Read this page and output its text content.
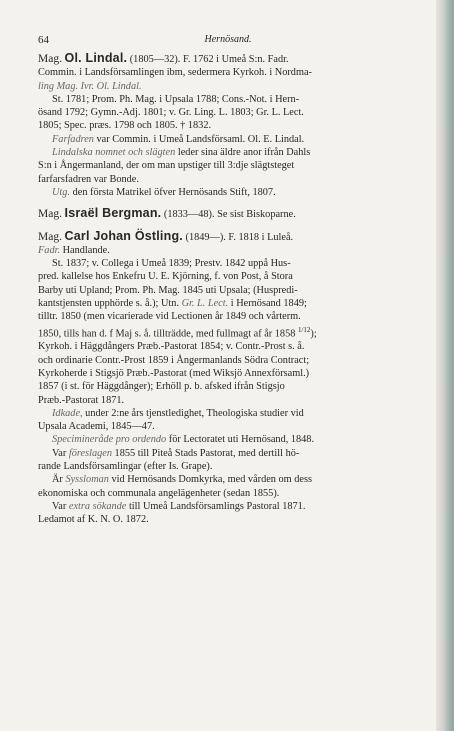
64	Hernösand.

Mag. Ol. Lindal. (1805—32). F. 1762 i Umeå S:n. Fadr.

Commin. i Landsförsamlingen ibm, sedermera Kyrkoh. i Nordma-

ling Mag. Ivr. Ol. Lindal.

St. 1781; Prom. Ph. Mag. i Upsala 1788; Cons.-Not. i Hern-

ösand 1792; Gymn.-Adj. 1801; v. Gr. Ling. L. 1803; Gr. L. Lect.

1805; Spec. præs. 1798 och 1805. † 1832.

Farfadren var Commin. i Umeå Landsförsaml. Ol. E. Lindal.

Lindalska nomnet och slägten leder sina äldre anor ifrån Dahls

S:n i Ångermanland, der om man upstiger till 3:dje slägtsteget

farfarsfadren var Bonde.

Utg. den första Matrikel öfver Hernösands Stift, 1807.

Mag. Israël Bergman. (1833—48). Se sist Biskoparne.

Mag. Carl Johan Östling. (1849—). F. 1818 i Luleå.

Fadr. Handlande.

St. 1837; v. Collega i Umeå 1839; Prestv. 1842 uppå Hus-

pred. kallelse hos Enkefru U. E. Kjörning, f. von Post, å Stora

Barby uti Upland; Prom. Ph. Mag. 1845 uti Upsala; (Huspredi-

kantstjensten upphörde s. å.); Utn. Gr. L. Lect. i Hernösand 1849;

tilltr. 1850 (men vicarierade vid Lectionen år 1849 och vårterm.

1850, tills han d. f Maj s. å. tillträdde, med fullmagt af år 1858 $^{1/12}$);

Kyrkoh. i Häggdångers Præb.-Pastorat 1854; v. Contr.-Prost s. å.

och ordinarie Contr.-Prost 1859 i Ångermanlands Södra Contract;

Kyrkoherde i Stigsjö Præb.-Pastorat (med Wiksjö Annexförsaml.)

1857 (i st. för Häggdånger); Erhöll p. b. afsked ifrån Stigsjo

Præb.-Pastorat 1871.

Idkade, under 2:ne års tjenstledighet, Theologiska studier vid

Upsala Academi, 1845—47.

Specimineråde pro ordendo för Lectoratet uti Hernösand, 1848.

Var föreslagen 1855 till Piteå Stads Pastorat, med dertill hö-

rande Landsförsamlingar (efter Is. Grape).

Är Syssloman vid Hernösands Domkyrka, med vården om dess

ekonomiska och communala angelägenheter (sedan 1855).

Var extra sökande till Umeå Landsförsamlings Pastoral 1871.

Ledamot af K. N. O. 1872.
